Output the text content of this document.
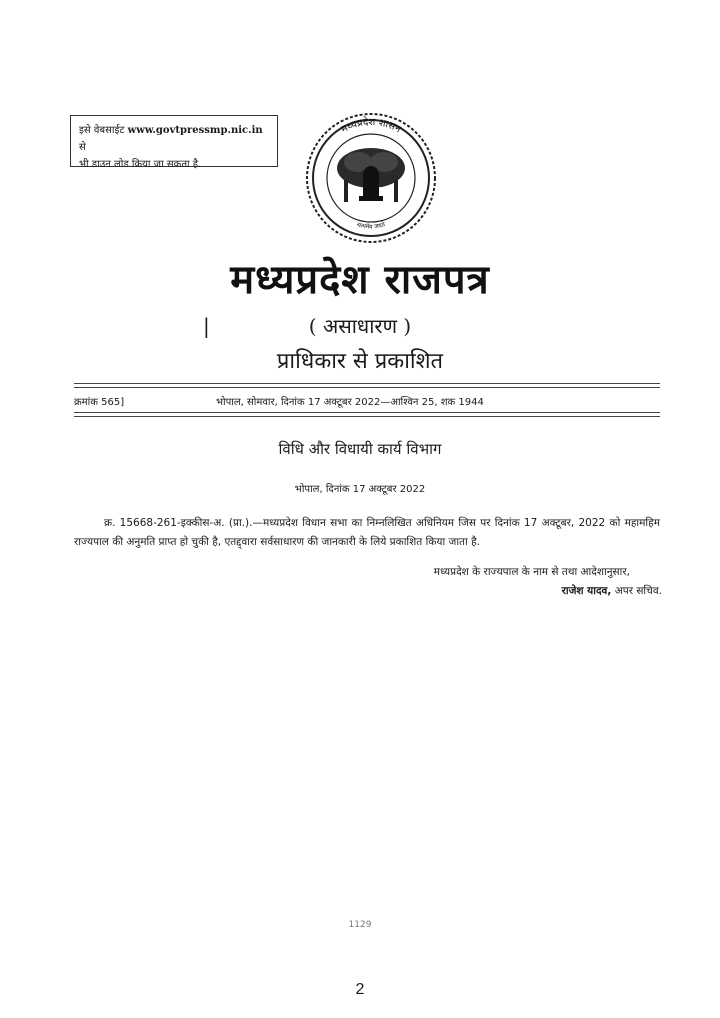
इसे वेबसाईट www.govtpressmp.nic.in से
भी डाउन लोड किया जा सकता है.
मध्यप्रदेश शासन
सत्यमेव जयते
मध्यप्रदेश राजपत्र
|	( असाधारण )
प्राधिकार से प्रकाशित
क्रमांक 565]	भोपाल, सोमवार, दिनांक 17 अक्टूबर 2022—आश्विन 25, शक 1944
विधि और विधायी कार्य विभाग
भोपाल, दिनांक 17 अक्टूबर 2022
क्र. 15668-261-इक्कीस-अ. (प्रा.).—मध्यप्रदेश विधान सभा का निम्नलिखित अधिनियम जिस पर दिनांक 17 अक्टूबर, 2022 को महामहिम राज्यपाल की अनुमति प्राप्त हो चुकी है, एतद्द्वारा सर्वसाधारण की जानकारी के लिये प्रकाशित किया जाता है.
मध्यप्रदेश के राज्यपाल के नाम से तथा आदेशानुसार,
राजेश यादव, अपर सचिव.
1129
2
